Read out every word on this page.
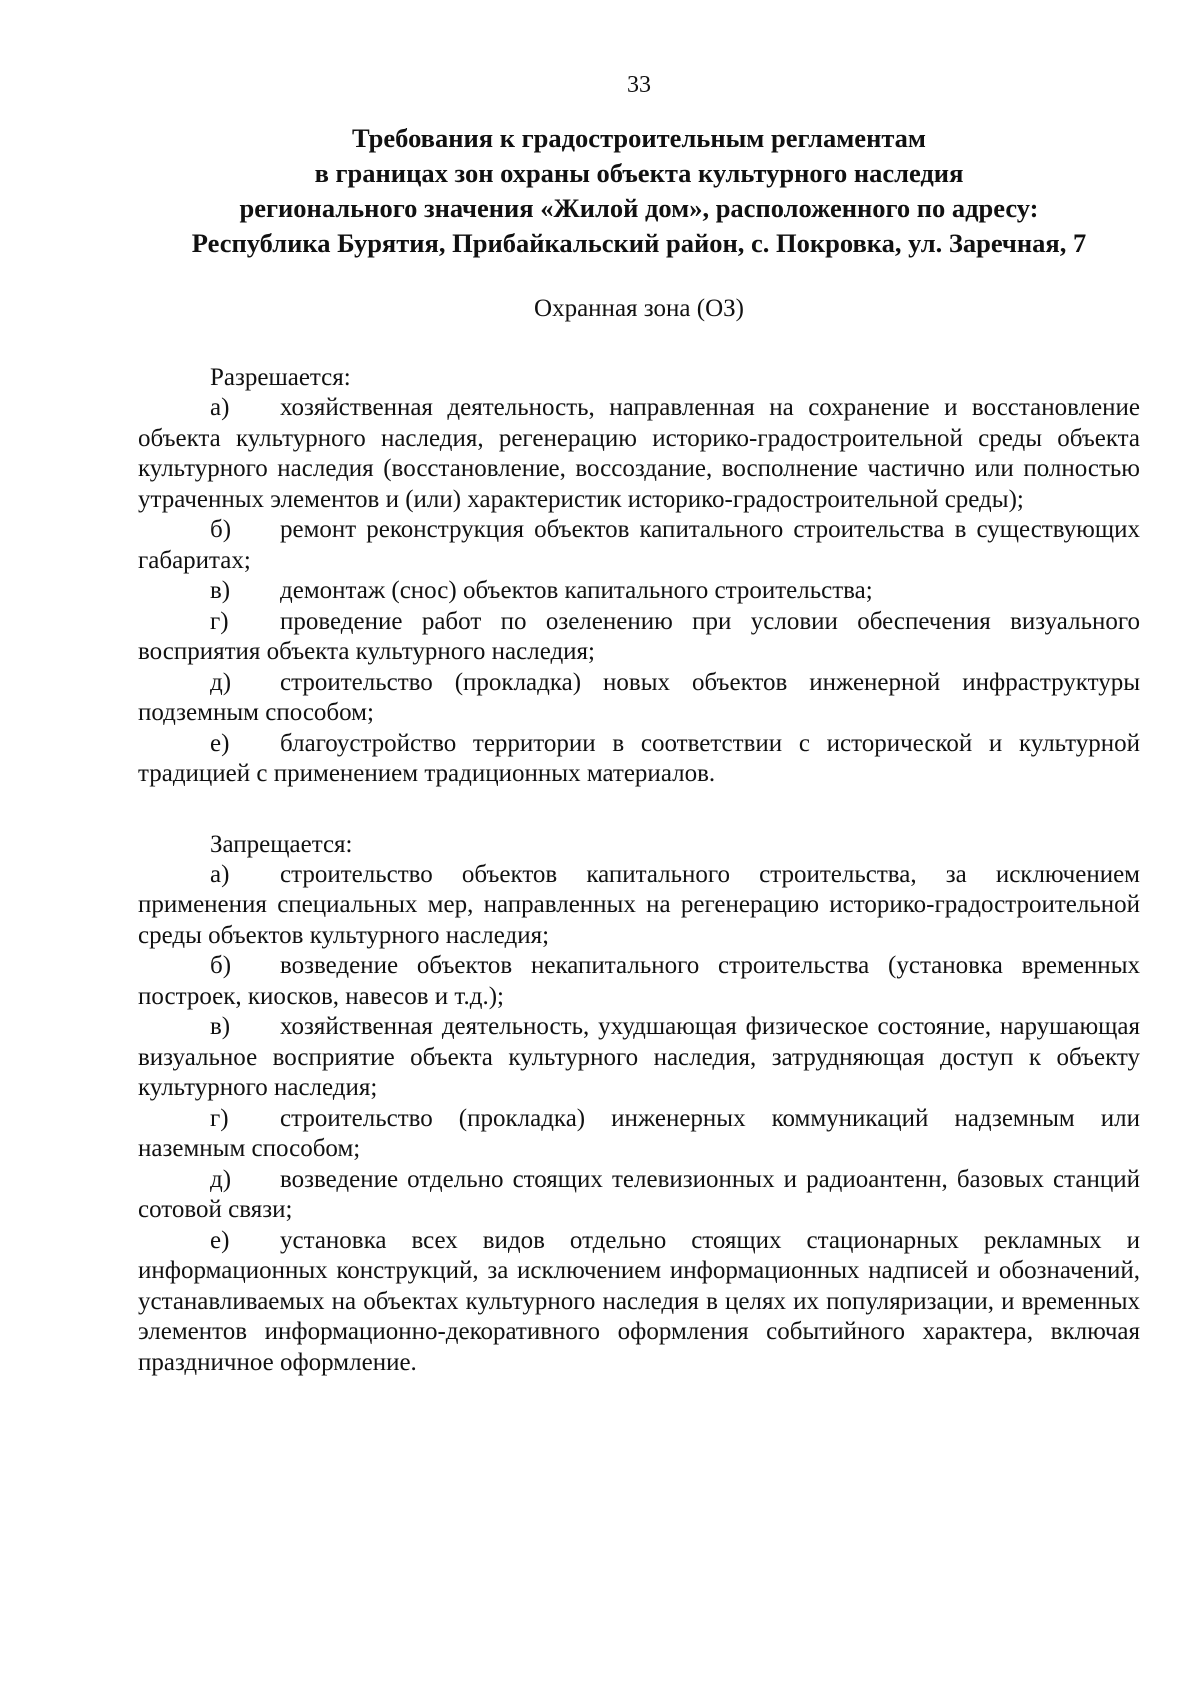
33
Требования к градостроительным регламентам
в границах зон охраны объекта культурного наследия
регионального значения «Жилой дом», расположенного по адресу:
Республика Бурятия, Прибайкальский район, с. Покровка, ул. Заречная, 7
Охранная зона (ОЗ)
Разрешается:

а) хозяйственная деятельность, направленная на сохранение и восстановление объекта культурного наследия, регенерацию историко-градостроительной среды объекта культурного наследия (восстановление, воссоздание, восполнение частично или полностью утраченных элементов и (или) характеристик историко-градостроительной среды);

б) ремонт реконструкция объектов капитального строительства в существующих габаритах;

в) демонтаж (снос) объектов капитального строительства;

г) проведение работ по озеленению при условии обеспечения визуального восприятия объекта культурного наследия;

д) строительство (прокладка) новых объектов инженерной инфраструктуры подземным способом;

е) благоустройство территории в соответствии с исторической и культурной традицией с применением традиционных материалов.

Запрещается:

а) строительство объектов капитального строительства, за исключением применения специальных мер, направленных на регенерацию историко-градостроительной среды объектов культурного наследия;

б) возведение объектов некапитального строительства (установка временных построек, киосков, навесов и т.д.);

в) хозяйственная деятельность, ухудшающая физическое состояние, нарушающая визуальное восприятие объекта культурного наследия, затрудняющая доступ к объекту культурного наследия;

г) строительство (прокладка) инженерных коммуникаций надземным или наземным способом;

д) возведение отдельно стоящих телевизионных и радиоантенн, базовых станций сотовой связи;

е) установка всех видов отдельно стоящих стационарных рекламных и информационных конструкций, за исключением информационных надписей и обозначений, устанавливаемых на объектах культурного наследия в целях их популяризации, и временных элементов информационно-декоративного оформления событийного характера, включая праздничное оформление.
